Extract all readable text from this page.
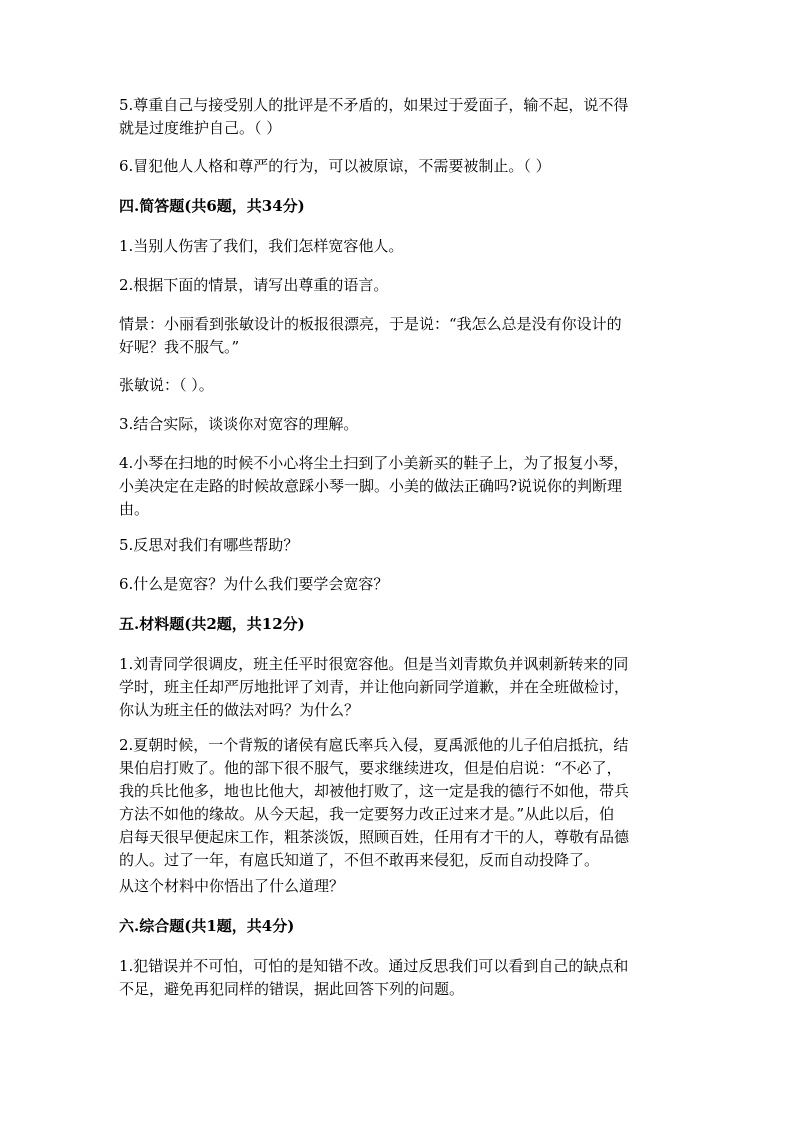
5.尊重自己与接受别人的批评是不矛盾的，如果过于爱面子，输不起，说不得
就是过度维护自己。（ ）
6.冒犯他人人格和尊严的行为，可以被原谅，不需要被制止。（ ）
四.简答题(共6题，共34分)
1.当别人伤害了我们，我们怎样宽容他人。
2.根据下面的情景，请写出尊重的语言。
情景：小丽看到张敏设计的板报很漂亮，于是说：“我怎么总是没有你设计的
好呢？我不服气。”
张敏说：（ ）。
3.结合实际，谈谈你对宽容的理解。
4.小琴在扫地的时候不小心将尘土扫到了小美新买的鞋子上，为了报复小琴，
小美决定在走路的时候故意踩小琴一脚。小美的做法正确吗?说说你的判断理
由。
5.反思对我们有哪些帮助？
6.什么是宽容？为什么我们要学会宽容？
五.材料题(共2题，共12分)
1.刘青同学很调皮，班主任平时很宽容他。但是当刘青欺负并讽刺新转来的同
学时，班主任却严厉地批评了刘青，并让他向新同学道歉，并在全班做检讨，
你认为班主任的做法对吗？为什么？
2.夏朝时候，一个背叛的诸侯有扈氏率兵入侵，夏禹派他的儿子伯启抵抗，结
果伯启打败了。他的部下很不服气，要求继续进攻，但是伯启说：“不必了，
我的兵比他多，地也比他大，却被他打败了，这一定是我的德行不如他，带兵
方法不如他的缘故。从今天起，我一定要努力改正过来才是。”从此以后，伯
启每天很早便起床工作，粗茶淡饭，照顾百姓，任用有才干的人，尊敬有品德
的人。过了一年，有扈氏知道了，不但不敢再来侵犯，反而自动投降了。
从这个材料中你悟出了什么道理？
六.综合题(共1题，共4分)
1.犯错误并不可怕，可怕的是知错不改。通过反思我们可以看到自己的缺点和
不足，避免再犯同样的错误，据此回答下列的问题。
